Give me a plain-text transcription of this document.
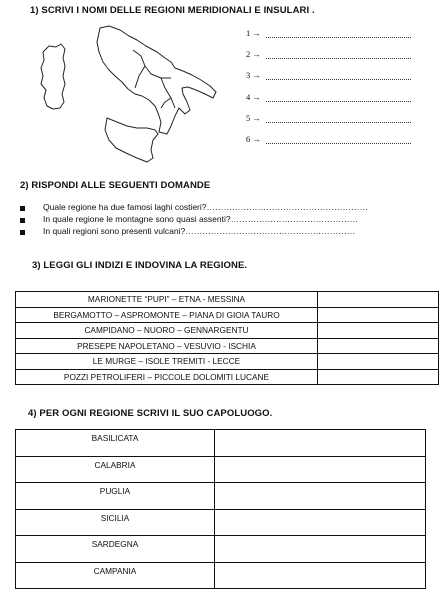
1) SCRIVI I NOMI DELLE REGIONI MERIDIONALI E INSULARI .
1 →
2 →
3 →
4 →
5 →
6 →
2) RISPONDI ALLE SEGUENTI DOMANDE
Quale regione ha due famosi laghi costieri?…………………………………………………
In quale regione le montagne sono quasi assenti?………………………………………
In quali regioni sono presenti vulcani?……………………………………………………
3) LEGGI GLI INDIZI E INDOVINA LA REGIONE.
MARIONETTE “PUPI” – ETNA - MESSINA	
BERGAMOTTO – ASPROMONTE – PIANA DI GIOIA TAURO	
CAMPIDANO – NUORO – GENNARGENTU	
PRESEPE NAPOLETANO – VESUVIO - ISCHIA	
LE MURGE – ISOLE TREMITI - LECCE	
POZZI PETROLIFERI – PICCOLE DOLOMITI LUCANE	
4) PER OGNI REGIONE SCRIVI IL SUO CAPOLUOGO.
BASILICATA	
CALABRIA	
PUGLIA	
SICILIA	
SARDEGNA	
CAMPANIA	
